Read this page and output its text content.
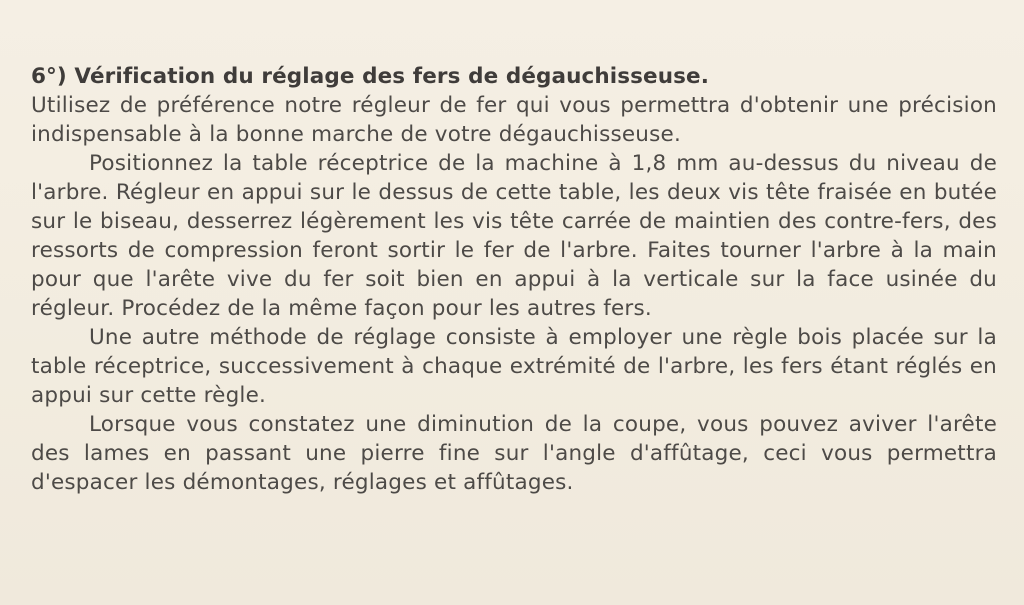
6°) Vérification du réglage des fers de dégauchisseuse.

Utilisez de préférence notre régleur de fer qui vous permettra d'obtenir une précision indispensable à la bonne marche de votre dégauchisseuse.

Positionnez la table réceptrice de la machine à 1,8 mm au-dessus du niveau de l'arbre. Régleur en appui sur le dessus de cette table, les deux vis tête fraisée en butée sur le biseau, desserrez légèrement les vis tête carrée de maintien des contre-fers, des ressorts de compression feront sortir le fer de l'arbre. Faites tourner l'arbre à la main pour que l'arête vive du fer soit bien en appui à la verticale sur la face usinée du régleur. Procédez de la même façon pour les autres fers.

Une autre méthode de réglage consiste à employer une règle bois placée sur la table réceptrice, successivement à chaque extrémité de l'arbre, les fers étant réglés en appui sur cette règle.

Lorsque vous constatez une diminution de la coupe, vous pouvez aviver l'arête des lames en passant une pierre fine sur l'angle d'affûtage, ceci vous permettra d'espacer les démontages, réglages et affûtages.
